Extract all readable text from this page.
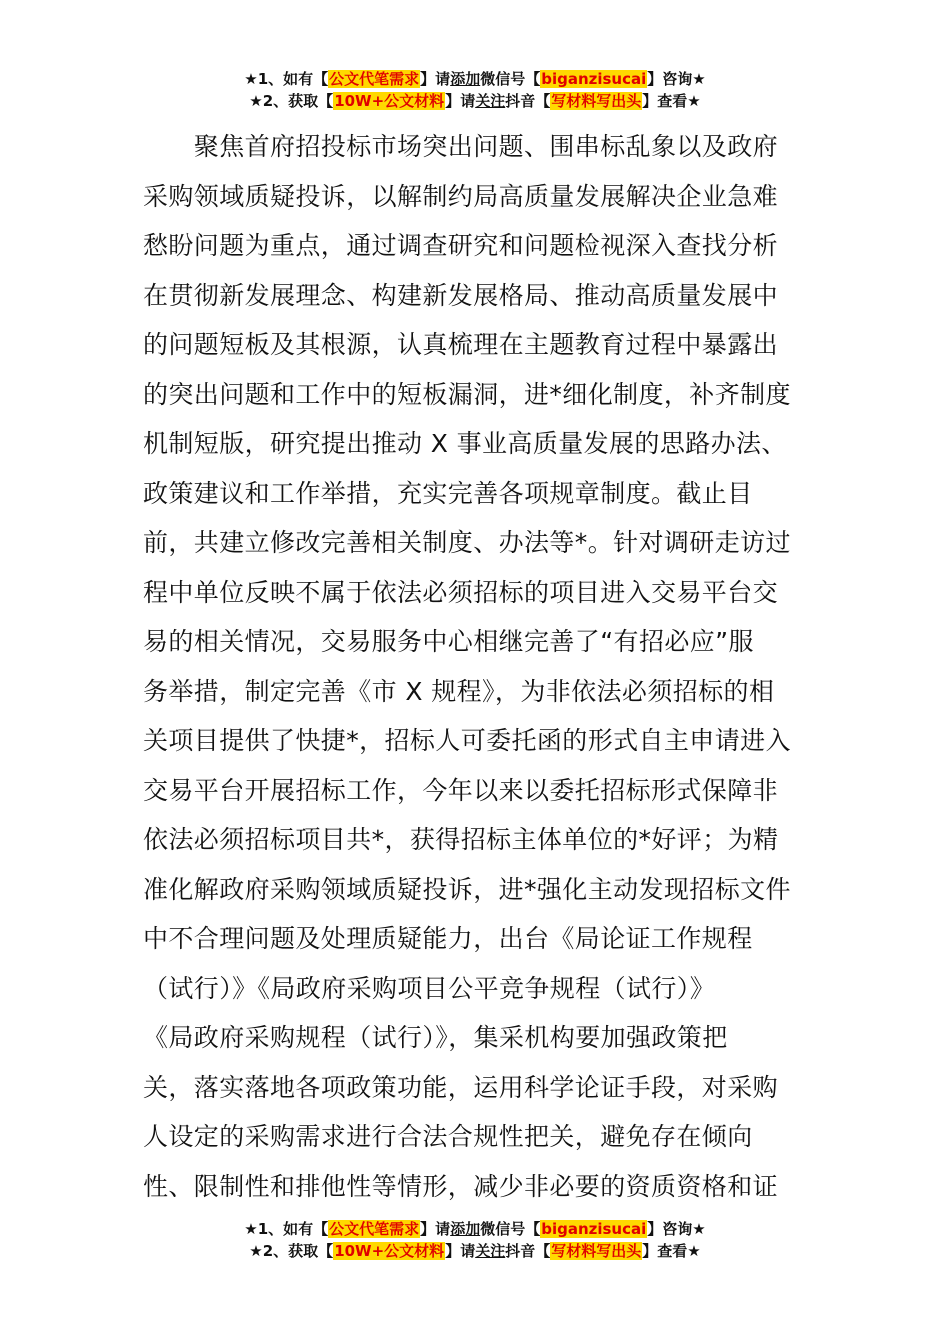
★1、如有【公文代笔需求】请添加微信号【biganzisucai】咨询★
★2、获取【10W+公文材料】请关注抖音【写材料写出头】查看★
　　聚焦首府招投标市场突出问题、围串标乱象以及政府
采购领域质疑投诉，以解制约局高质量发展解决企业急难
愁盼问题为重点，通过调查研究和问题检视深入查找分析
在贯彻新发展理念、构建新发展格局、推动高质量发展中
的问题短板及其根源，认真梳理在主题教育过程中暴露出
的突出问题和工作中的短板漏洞，进*细化制度，补齐制度
机制短版，研究提出推动 X 事业高质量发展的思路办法、
政策建议和工作举措，充实完善各项规章制度。截止目
前，共建立修改完善相关制度、办法等*。针对调研走访过
程中单位反映不属于依法必须招标的项目进入交易平台交
易的相关情况，交易服务中心相继完善了“有招必应”服
务举措，制定完善《市 X 规程》，为非依法必须招标的相
关项目提供了快捷*，招标人可委托函的形式自主申请进入
交易平台开展招标工作，今年以来以委托招标形式保障非
依法必须招标项目共*，获得招标主体单位的*好评；为精
准化解政府采购领域质疑投诉，进*强化主动发现招标文件
中不合理问题及处理质疑能力，出台《局论证工作规程
（试行）》《局政府采购项目公平竞争规程（试行）》
《局政府采购规程（试行）》，集采机构要加强政策把
关，落实落地各项政策功能，运用科学论证手段，对采购
人设定的采购需求进行合法合规性把关，避免存在倾向
性、限制性和排他性等情形，减少非必要的资质资格和证
★1、如有【公文代笔需求】请添加微信号【biganzisucai】咨询★
★2、获取【10W+公文材料】请关注抖音【写材料写出头】查看★
